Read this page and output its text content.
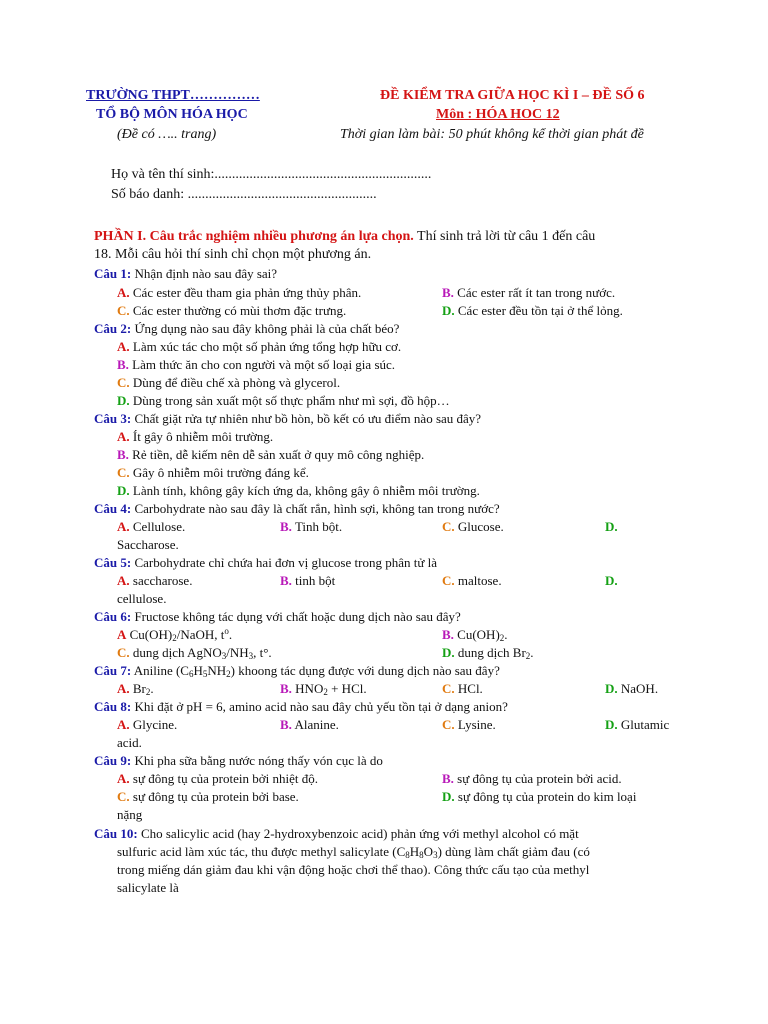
TRƯỜNG THPT……………
TỔ BỘ MÔN HÓA HỌC
(Đề có ….. trang)
ĐỀ KIỂM TRA GIỮA HỌC KÌ I – ĐỀ SỐ 6
Môn : HÓA HOC 12
Thời gian làm bài: 50 phút không kể thời gian phát đề
Họ và tên thí sinh:..............................................................
Số báo danh: ......................................................
PHẦN I. Câu trắc nghiệm nhiều phương án lựa chọn. Thí sinh trả lời từ câu 1 đến câu
18. Mỗi câu hỏi thí sinh chỉ chọn một phương án.
Câu 1: Nhận định nào sau đây sai?
A. Các ester đều tham gia phản ứng thủy phân.	B. Các ester rất ít tan trong nước.
C. Các ester thường có mùi thơm đặc trưng.	D. Các ester đều tồn tại ở thể lỏng.
Câu 2: Ứng dụng nào sau đây không phải là của chất béo?
A. Làm xúc tác cho một số phản ứng tổng hợp hữu cơ.
B. Làm thức ăn cho con người và một số loại gia súc.
C. Dùng để điều chế xà phòng và glycerol.
D. Dùng trong sản xuất một số thực phẩm như mì sợi, đồ hộp…
Câu 3: Chất giặt rửa tự nhiên như bồ hòn, bồ kết có ưu điểm nào sau đây?
A. Ít gây ô nhiễm môi trường.
B. Rẻ tiền, dễ kiếm nên dễ sản xuất ở quy mô công nghiệp.
C. Gây ô nhiễm môi trường đáng kể.
D. Lành tính, không gây kích ứng da, không gây ô nhiễm môi trường.
Câu 4: Carbohydrate nào sau đây là chất rắn, hình sợi, không tan trong nước?
A. Cellulose.	B. Tinh bột.	C. Glucose.	D.
Saccharose.
Câu 5: Carbohydrate chỉ chứa hai đơn vị glucose trong phân tử là
A. saccharose.	B. tinh bột	C. maltose.	D.
cellulose.
Câu 6: Fructose không tác dụng với chất hoặc dung dịch nào sau đây?
A $Cu(OH)_2$/NaOH, $t^o$.	B. $Cu(OH)_2$.
C. dung dịch $AgNO_3/NH_3$, t°.	D. dung dịch $Br_2$.
Câu 7: Aniline $(C_6H_5NH_2)$ khoong tác dụng được với dung dịch nào sau đây?
A. $Br_2$.	B. $HNO_2$ + HCl.	C. HCl.	D. NaOH.
Câu 8: Khi đặt ở pH = 6, amino acid nào sau đây chủ yếu tồn tại ở dạng anion?
A. Glycine.	B. Alanine.	C. Lysine.	D. Glutamic
acid.
Câu 9: Khi pha sữa bằng nước nóng thấy vón cục là do
A. sự đông tụ của protein bởi nhiệt độ.	B. sự đông tụ của protein bởi acid.
C. sự đông tụ của protein bởi base.	D. sự đông tụ của protein do kim loại
nặng
Câu 10: Cho salicylic acid (hay 2-hydroxybenzoic acid) phản ứng với methyl alcohol có mặt
sulfuric acid làm xúc tác, thu được methyl salicylate $(C_8H_8O_3)$ dùng làm chất giảm đau (có
trong miếng dán giảm đau khi vận động hoặc chơi thể thao). Công thức cấu tạo của methyl
salicylate là
